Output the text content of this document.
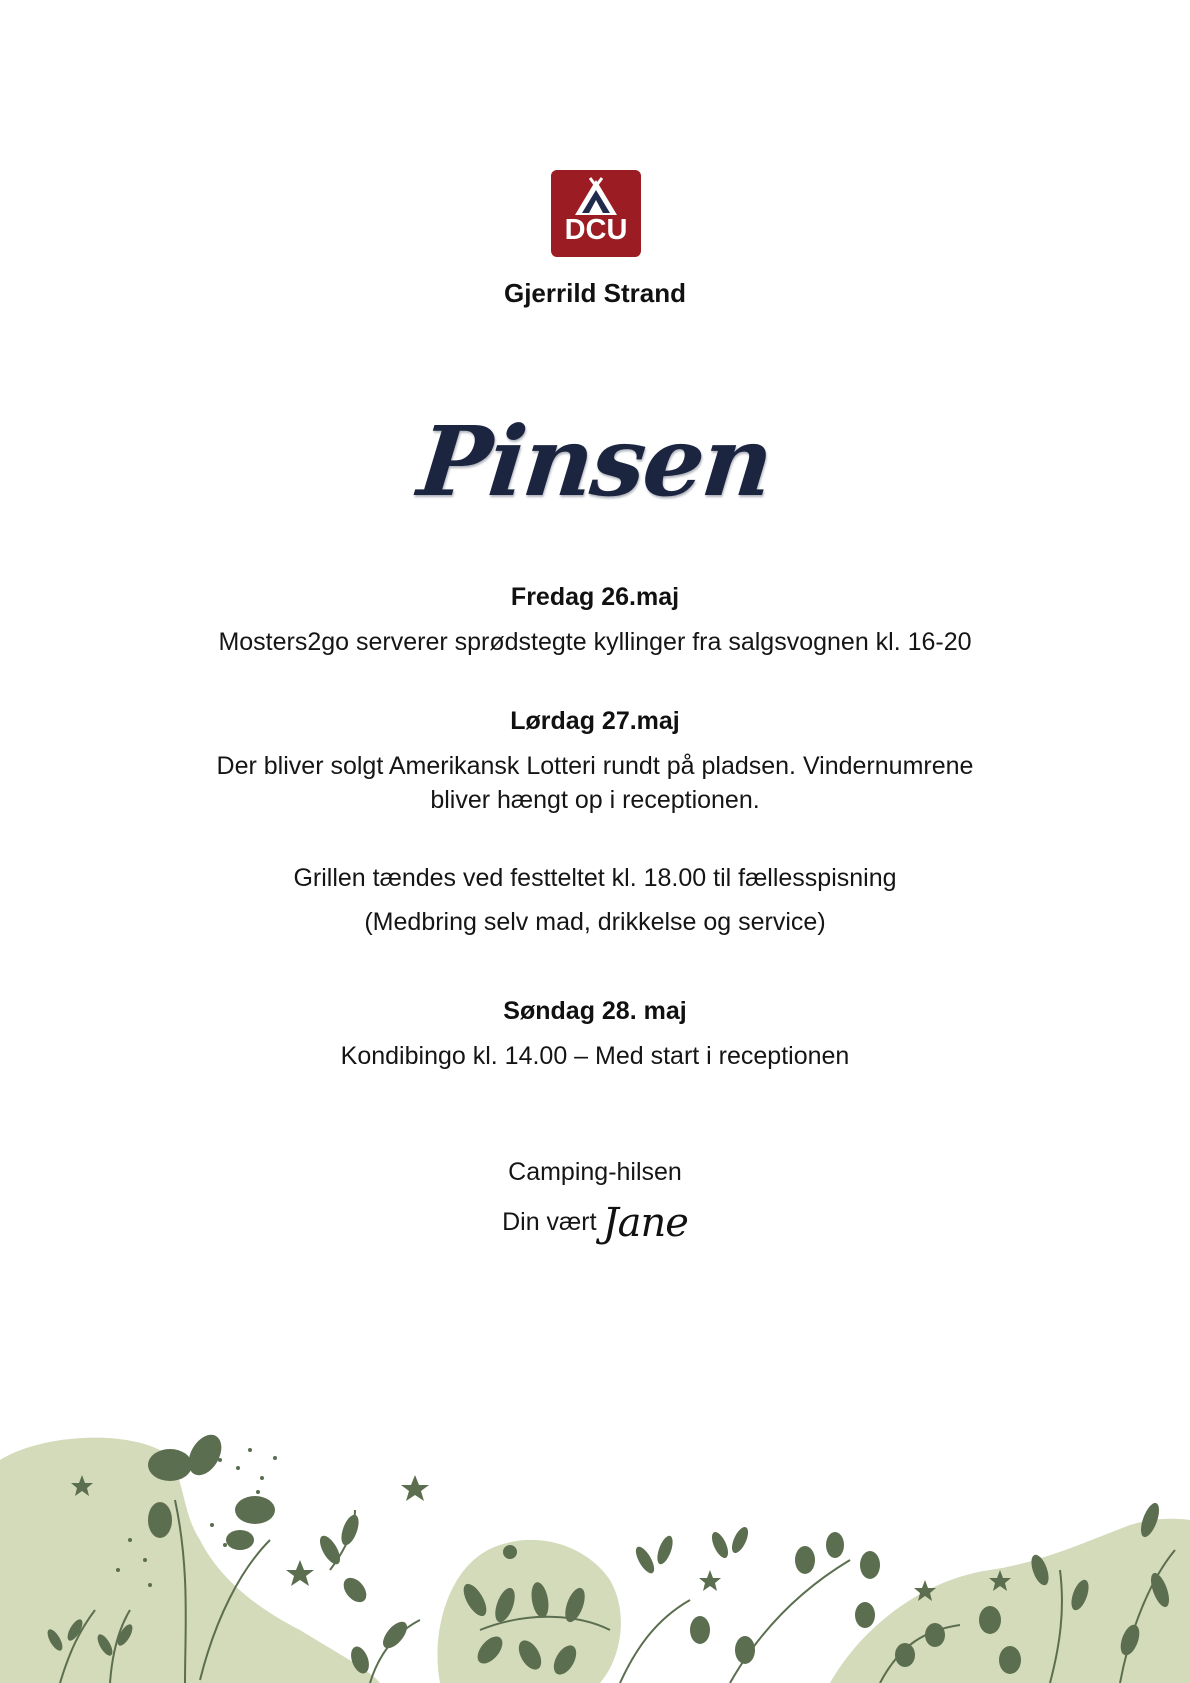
DCU
Gjerrild Strand
Pinsen
Fredag 26.maj
Mosters2go serverer sprødstegte kyllinger fra salgsvognen kl. 16-20
Lørdag 27.maj
Der bliver solgt Amerikansk Lotteri rundt på pladsen. Vindernumrene
bliver hængt op i receptionen.
Grillen tændes ved festteltet kl. 18.00 til fællesspisning
(Medbring selv mad, drikkelse og service)
Søndag 28. maj
Kondibingo kl. 14.00 – Med start i receptionen
Camping-hilsen
Din vært Jane
